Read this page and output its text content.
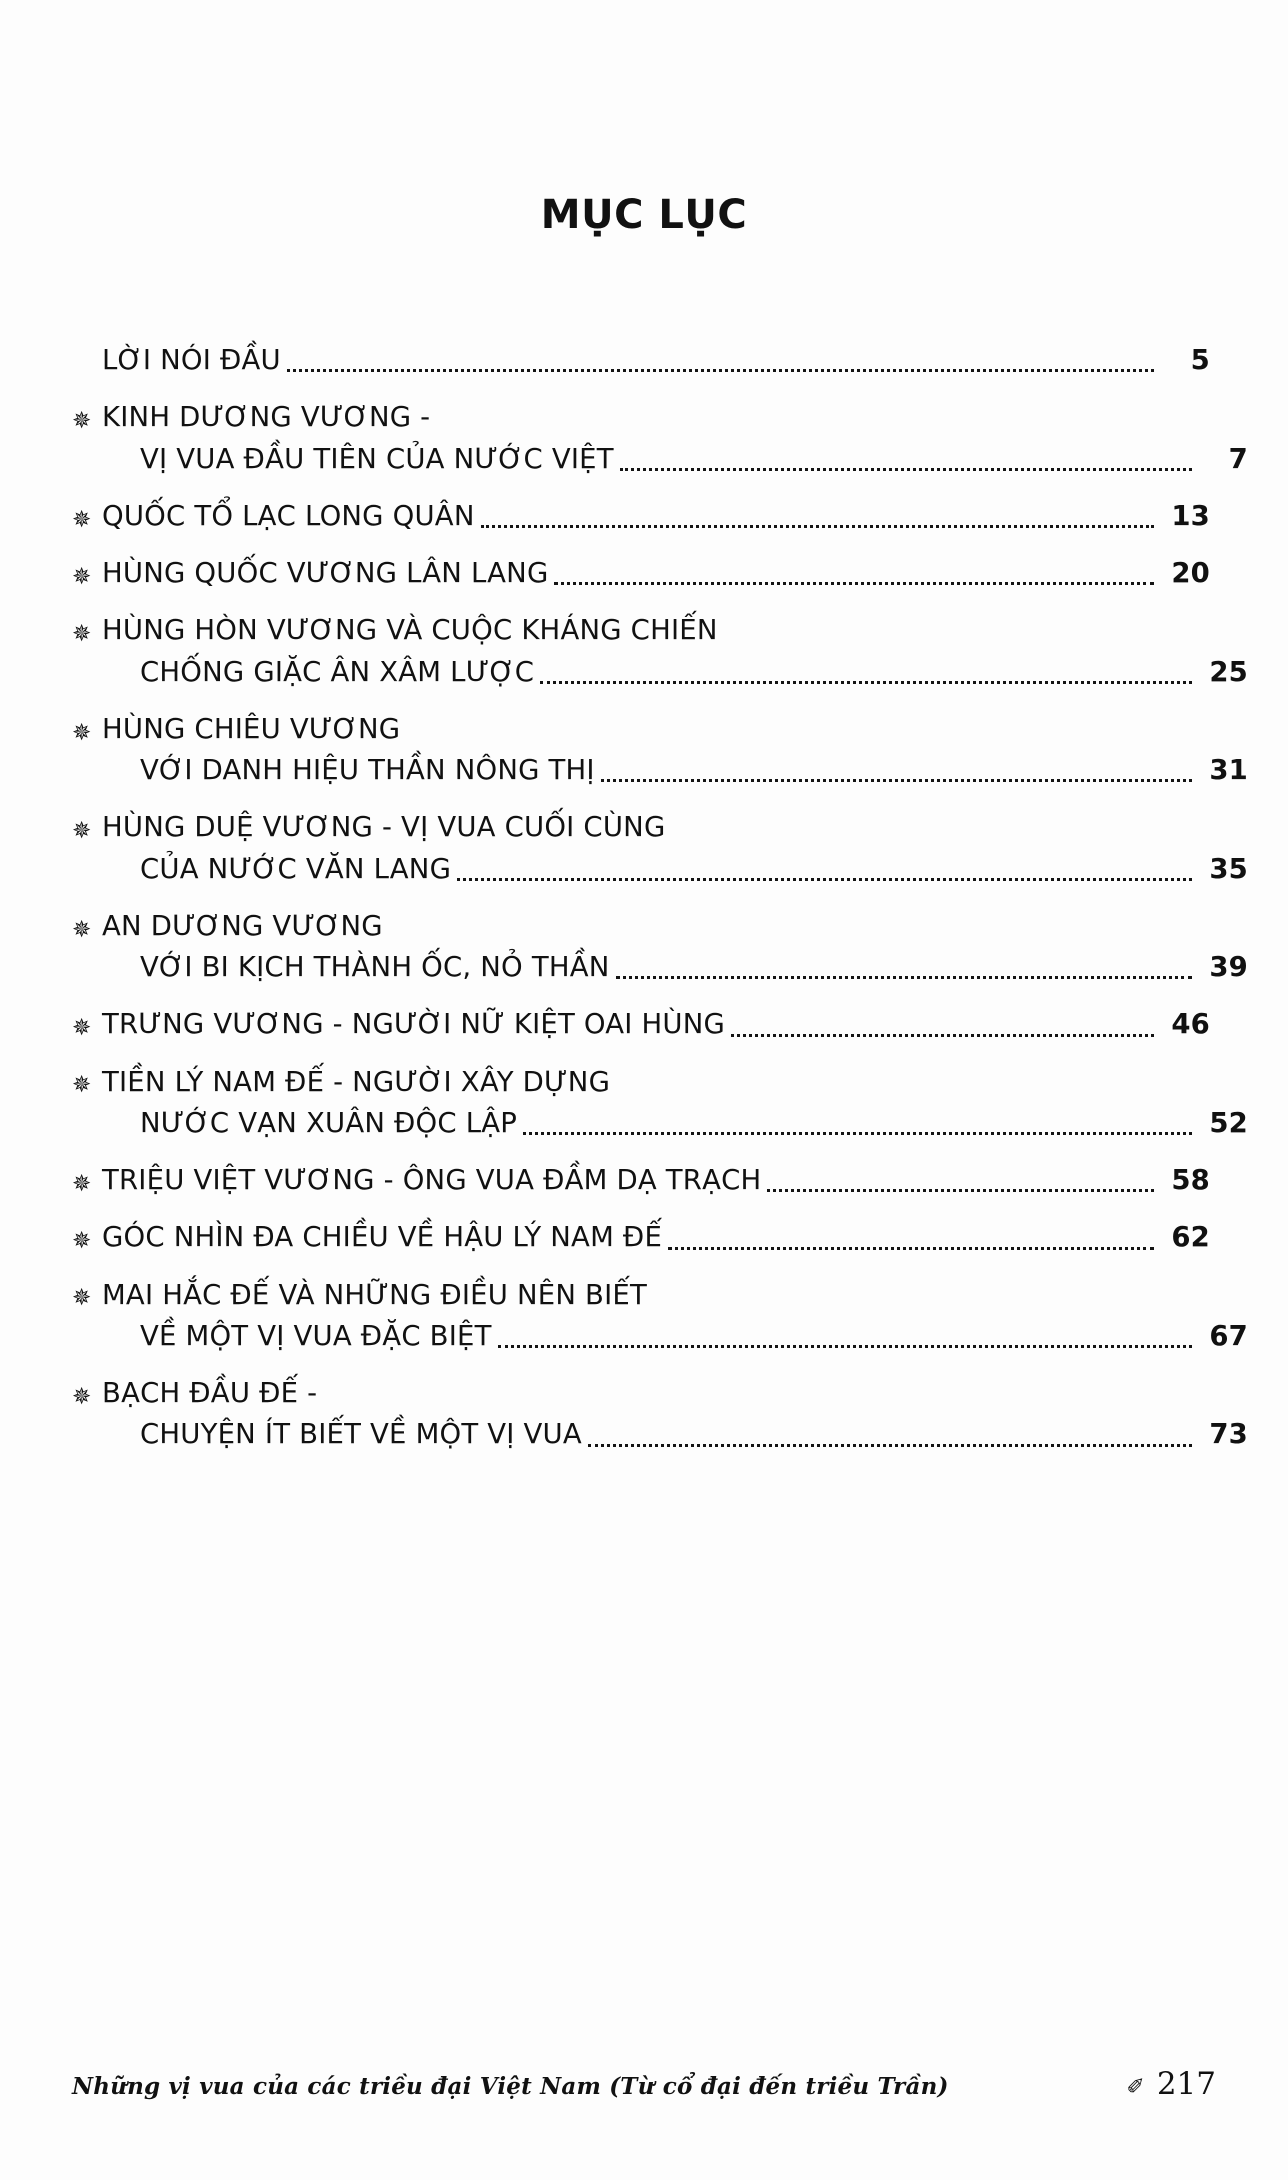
MỤC LỤC
LỜI NÓI ĐẦU	5
✵ KINH DƯƠNG VƯƠNG -
VỊ VUA ĐẦU TIÊN CỦA NƯỚC VIỆT	7
✵ QUỐC TỔ LẠC LONG QUÂN	13
✵ HÙNG QUỐC VƯƠNG LÂN LANG	20
✵ HÙNG HÒN VƯƠNG VÀ CUỘC KHÁNG CHIẾN
CHỐNG GIẶC ÂN XÂM LƯỢC	25
✵ HÙNG CHIÊU VƯƠNG
VỚI DANH HIỆU THẦN NÔNG THỊ	31
✵ HÙNG DUỆ VƯƠNG - VỊ VUA CUỐI CÙNG
CỦA NƯỚC VĂN LANG	35
✵ AN DƯƠNG VƯƠNG
VỚI BI KỊCH THÀNH ỐC, NỎ THẦN	39
✵ TRƯNG VƯƠNG - NGƯỜI NỮ KIỆT OAI HÙNG	46
✵ TIỀN LÝ NAM ĐẾ - NGƯỜI XÂY DỰNG
NƯỚC VẠN XUÂN ĐỘC LẬP	52
✵ TRIỆU VIỆT VƯƠNG - ÔNG VUA ĐẦM DẠ TRẠCH	58
✵ GÓC NHÌN ĐA CHIỀU VỀ HẬU LÝ NAM ĐẾ	62
✵ MAI HẮC ĐẾ VÀ NHỮNG ĐIỀU NÊN BIẾT
VỀ MỘT VỊ VUA ĐẶC BIỆT	67
✵ BẠCH ĐẦU ĐẾ -
CHUYỆN ÍT BIẾT VỀ MỘT VỊ VUA	73
Những vị vua của các triều đại Việt Nam (Từ cổ đại đến triều Trần)	✐ 217
